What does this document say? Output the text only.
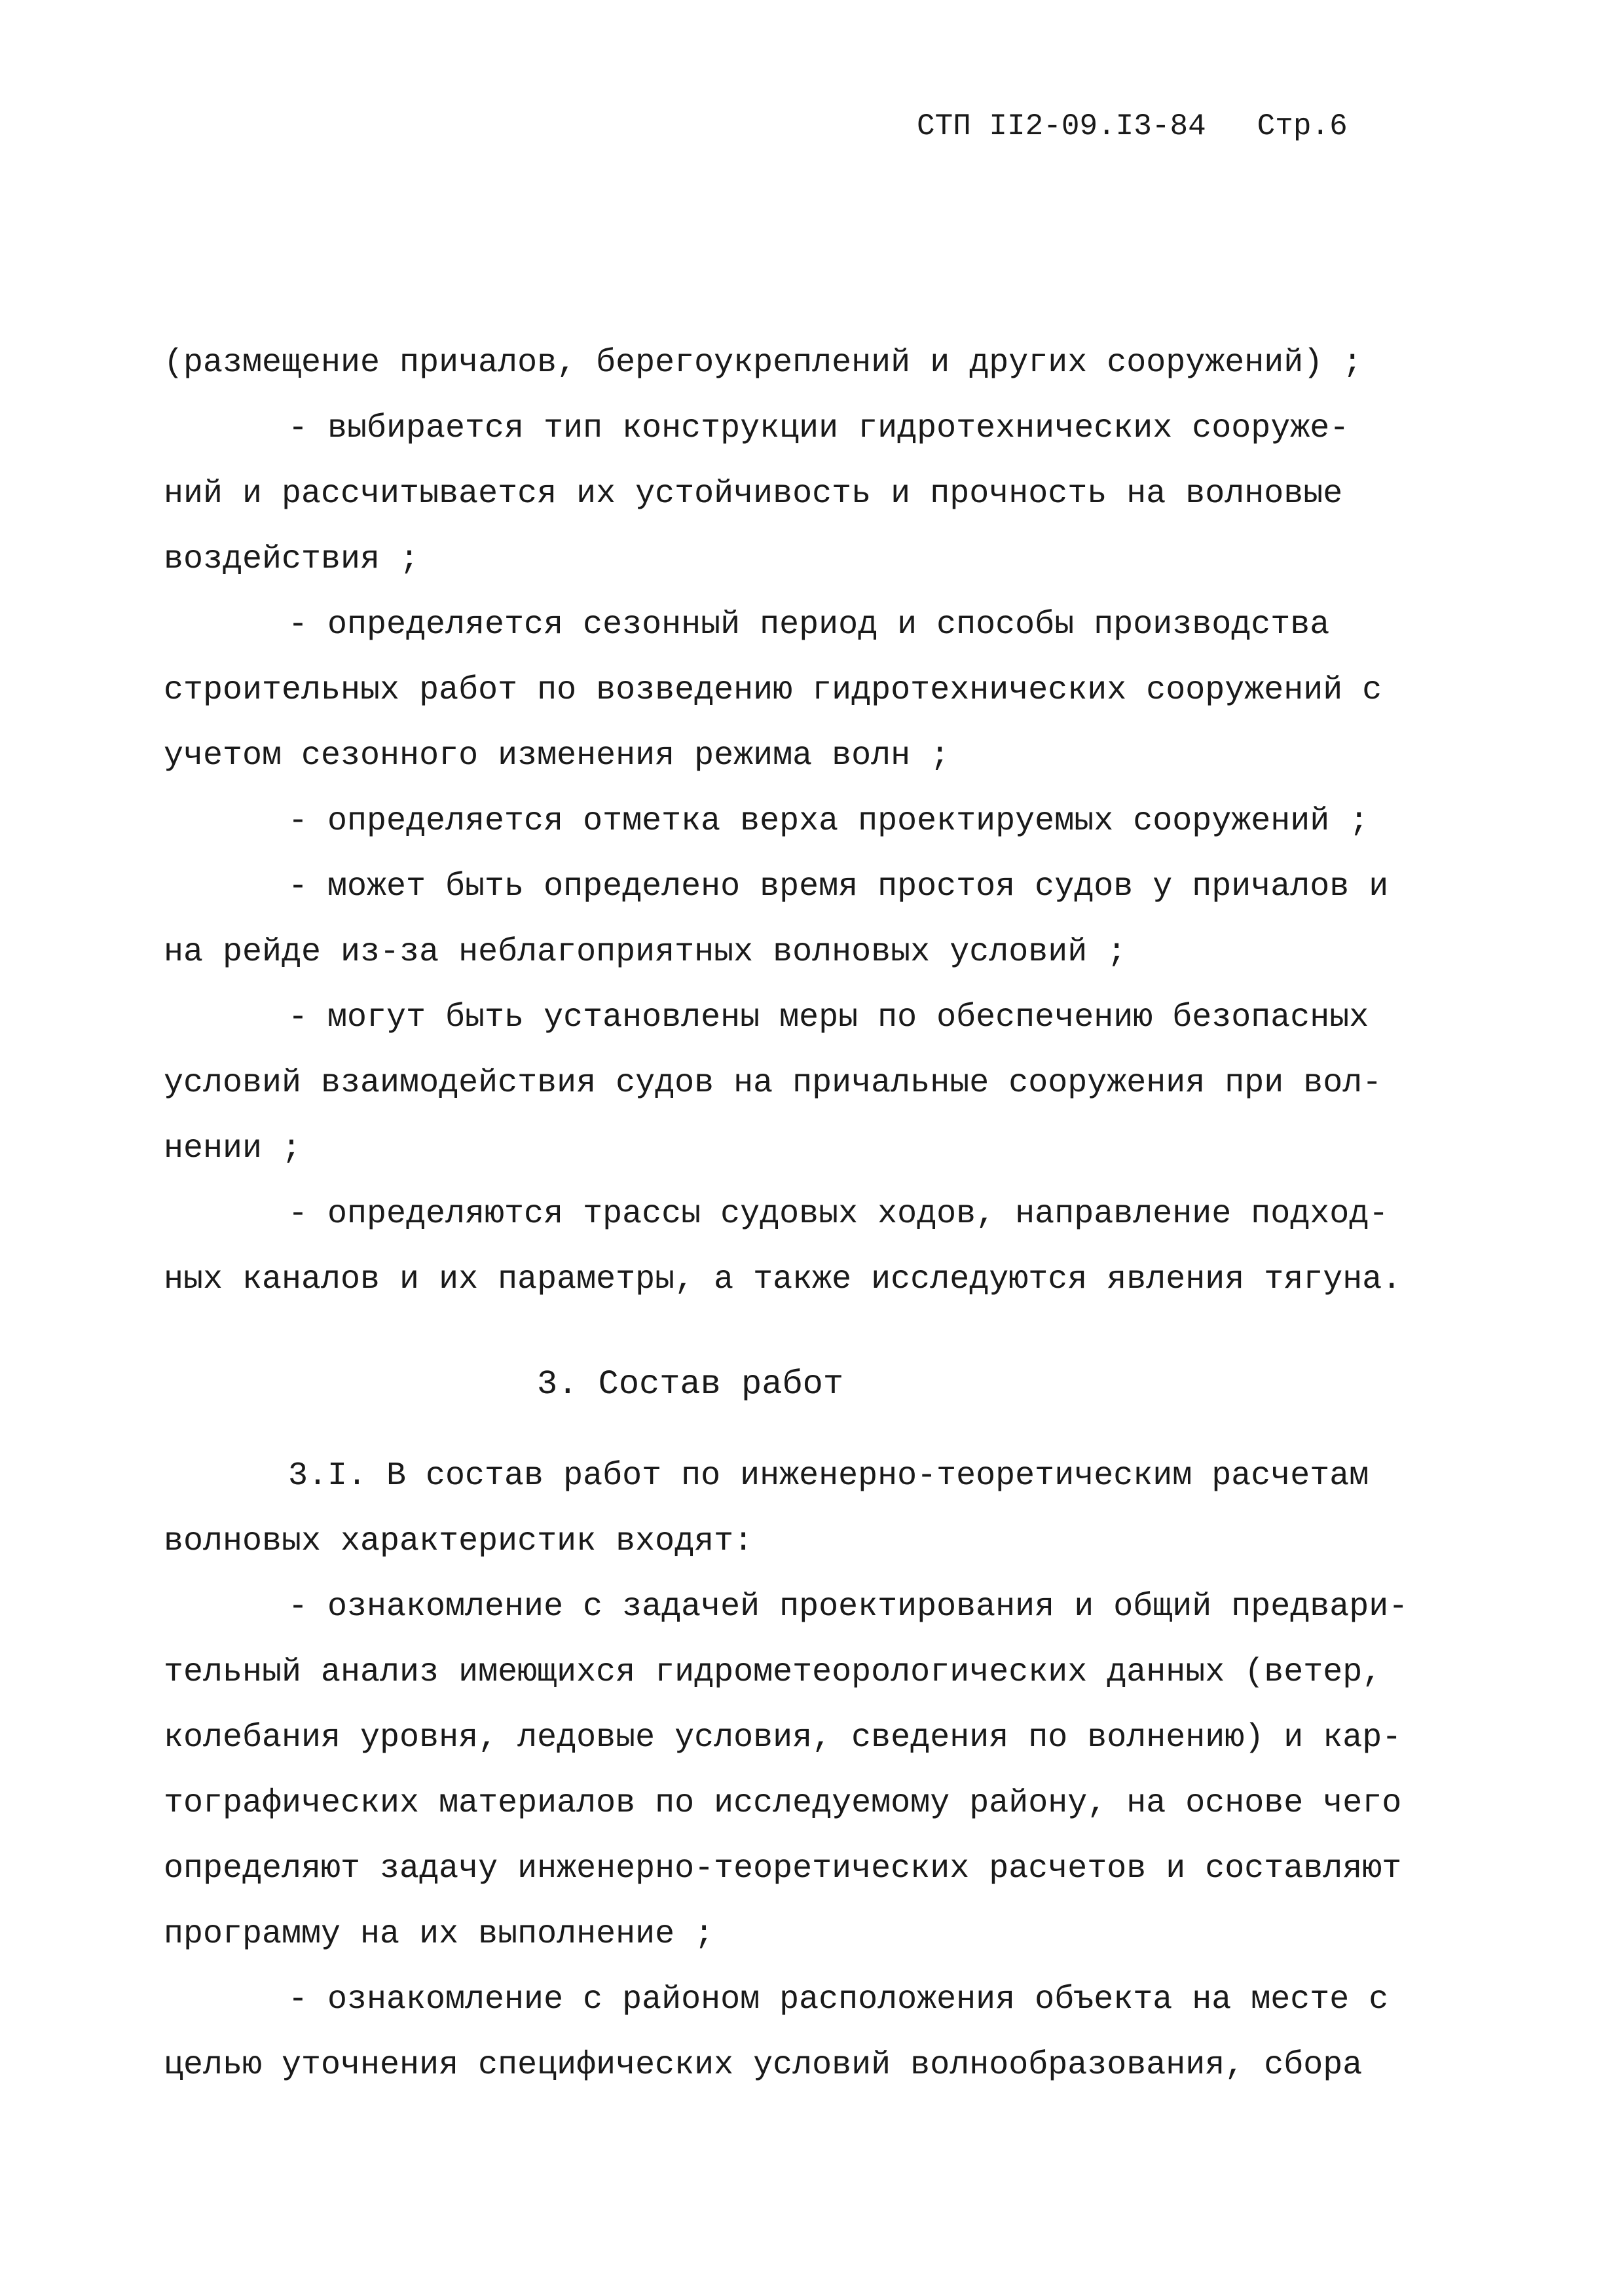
СТП II2-09.I3-84 Стр.6
(размещение причалов, берегоукреплений и других сооружений) ;
- выбирается тип конструкции гидротехнических сооруже-
ний и рассчитывается их устойчивость и прочность на волновые
воздействия ;
- определяется сезонный период и способы производства
строительных работ по возведению гидротехнических сооружений с
учетом сезонного изменения режима волн ;
- определяется отметка верха проектируемых сооружений ;
- может быть определено время простоя судов у причалов и
на рейде из-за неблагоприятных волновых условий ;
- могут быть установлены меры по обеспечению безопасных
условий взаимодействия судов на причальные сооружения при вол-
нении ;
- определяются трассы судовых ходов, направление подход-
ных каналов и их параметры, а также исследуются явления тягуна.
3. Состав работ
3.I. В состав работ по инженерно-теоретическим расчетам
волновых характеристик входят:
- ознакомление с задачей проектирования и общий предвари-
тельный анализ имеющихся гидрометеорологических данных (ветер,
колебания уровня, ледовые условия, сведения по волнению) и кар-
тографических материалов по исследуемому району, на основе чего
определяют задачу инженерно-теоретических расчетов и составляют
программу на их выполнение ;
- ознакомление с районом расположения объекта на месте с
целью уточнения специфических условий волнообразования, сбора
